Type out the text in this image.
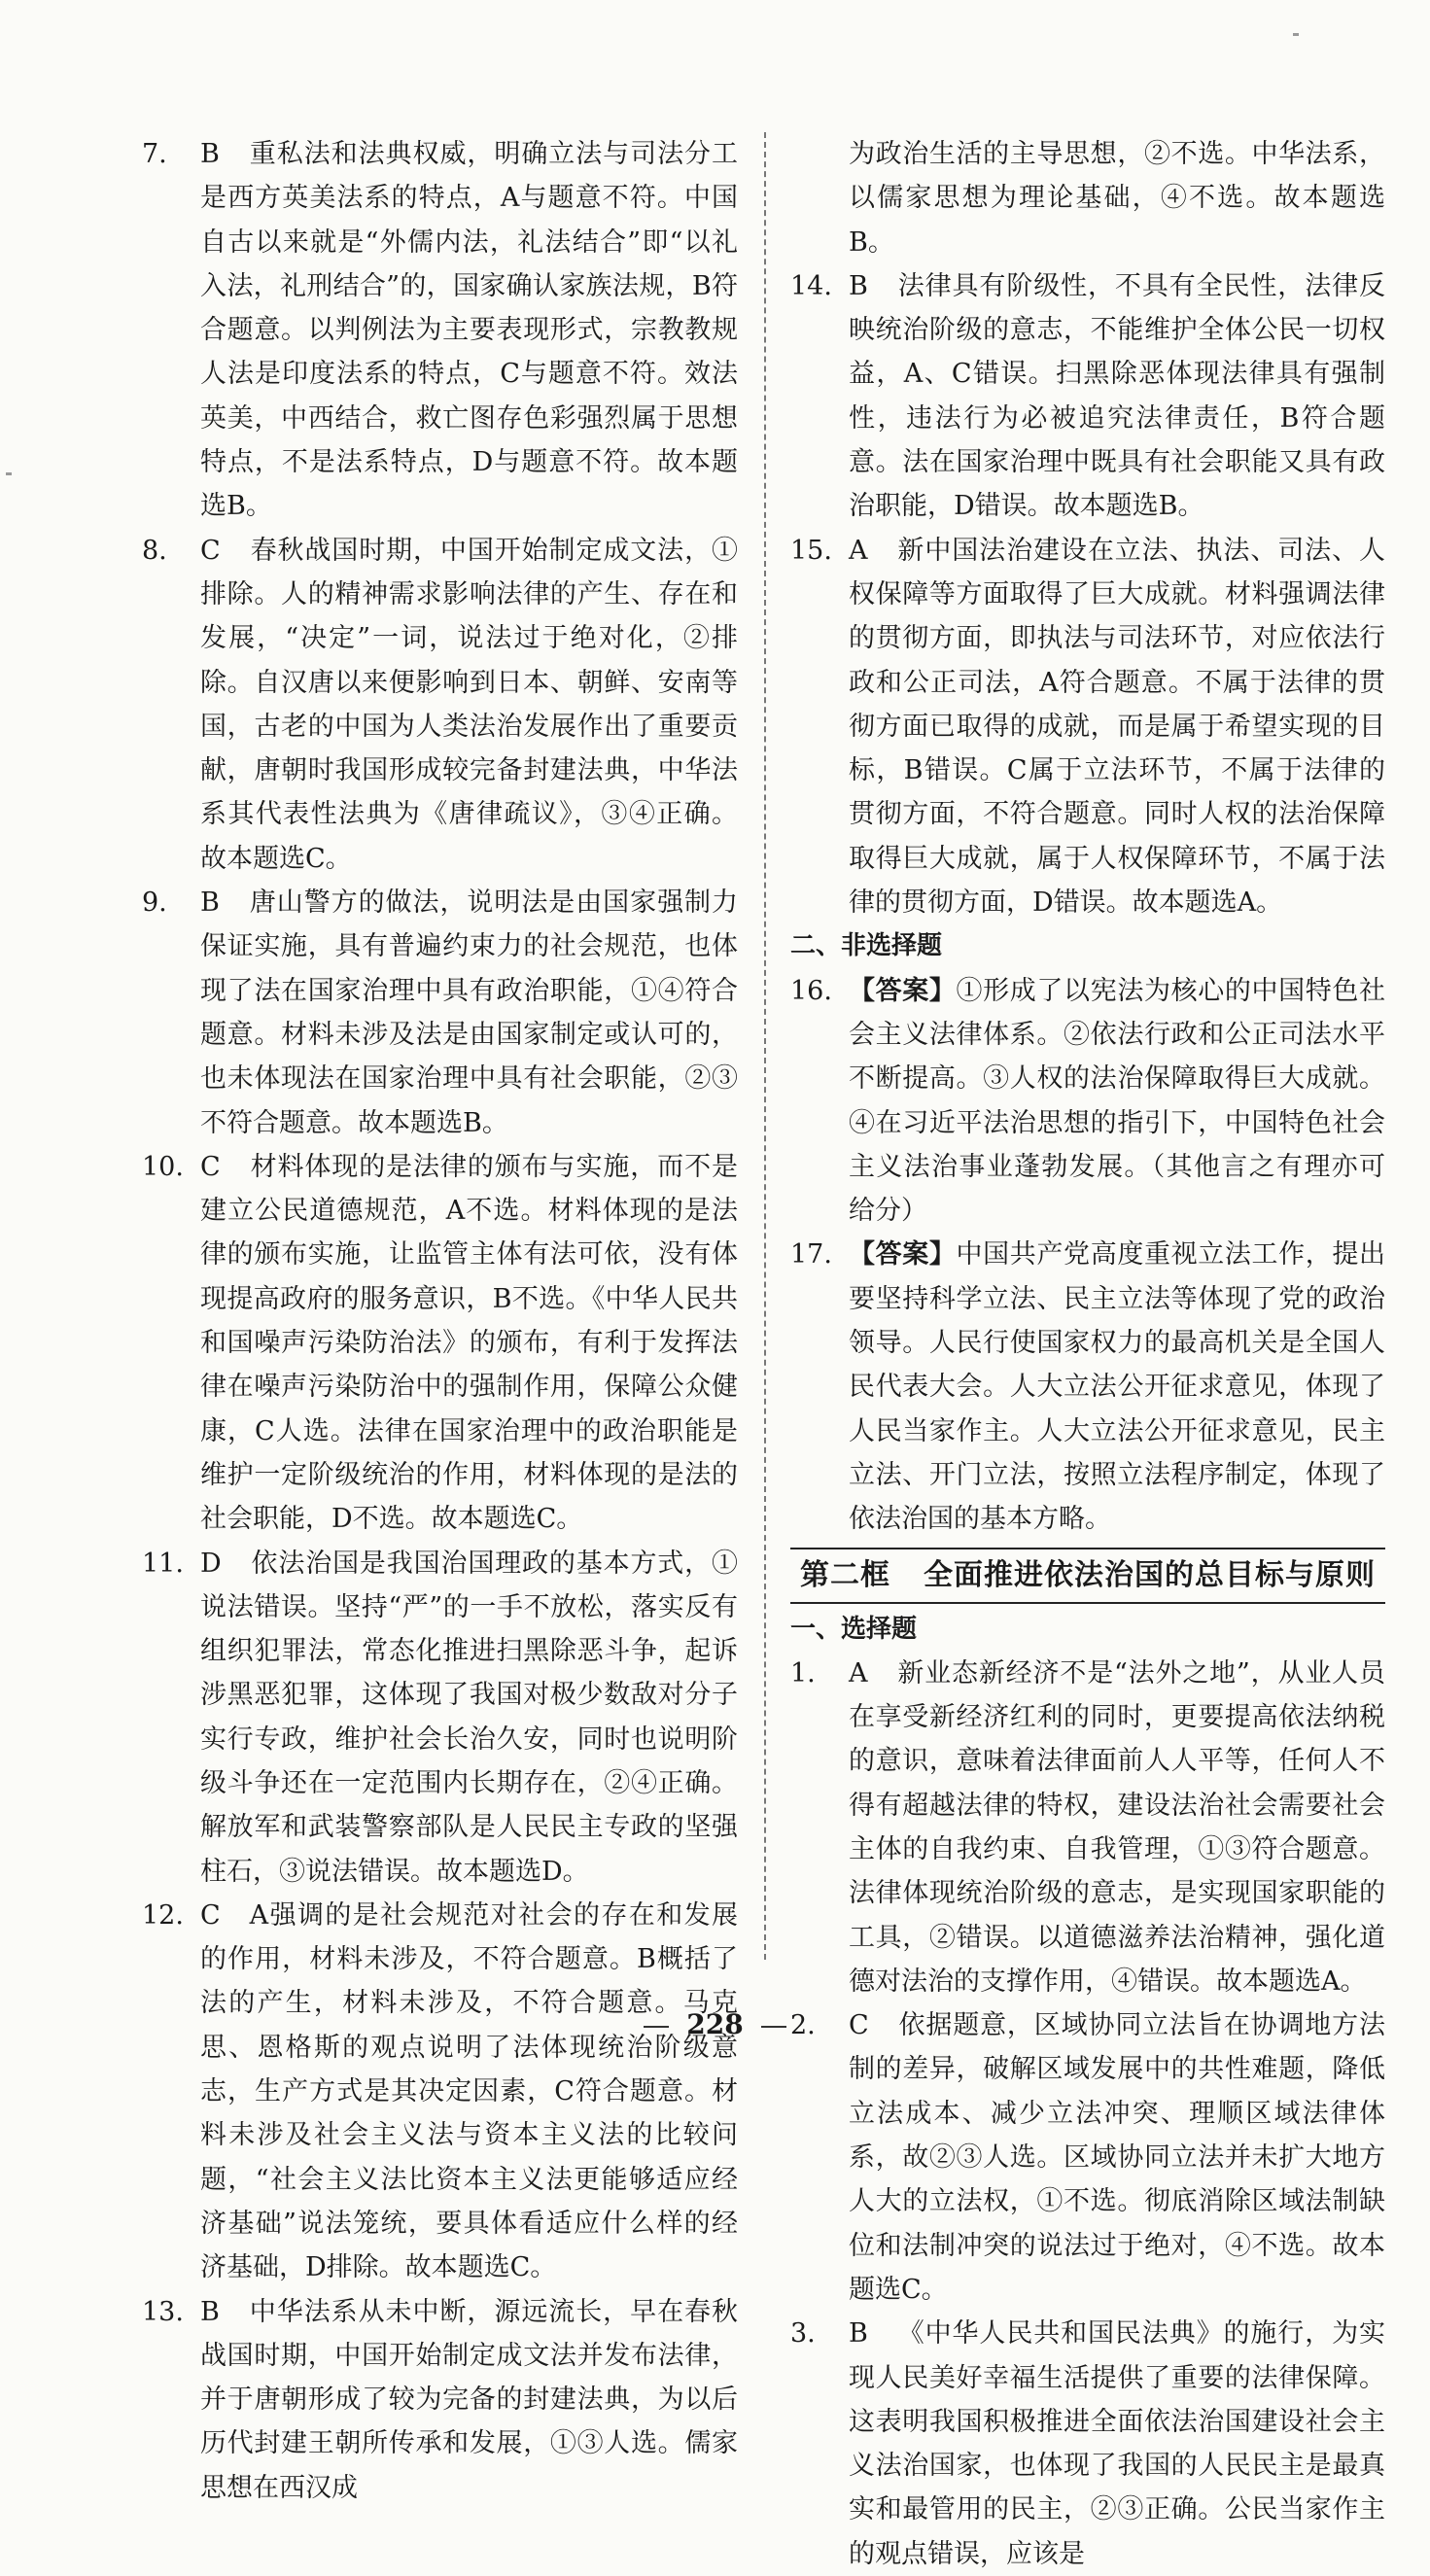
7. B 重私法和法典权威，明确立法与司法分工是西方英美法系的特点，A与题意不符。中国自古以来就是“外儒内法，礼法结合”即“以礼入法，礼刑结合”的，国家确认家族法规，B符合题意。以判例法为主要表现形式，宗教教规人法是印度法系的特点，C与题意不符。效法英美，中西结合，救亡图存色彩强烈属于思想特点，不是法系特点，D与题意不符。故本题选B。
8. C 春秋战国时期，中国开始制定成文法，①排除。人的精神需求影响法律的产生、存在和发展，“决定”一词，说法过于绝对化，②排除。自汉唐以来便影响到日本、朝鲜、安南等国，古老的中国为人类法治发展作出了重要贡献，唐朝时我国形成较完备封建法典，中华法系其代表性法典为《唐律疏议》，③④正确。故本题选C。
9. B 唐山警方的做法，说明法是由国家强制力保证实施，具有普遍约束力的社会规范，也体现了法在国家治理中具有政治职能，①④符合题意。材料未涉及法是由国家制定或认可的，也未体现法在国家治理中具有社会职能，②③不符合题意。故本题选B。
10. C 材料体现的是法律的颁布与实施，而不是建立公民道德规范，A不选。材料体现的是法律的颁布实施，让监管主体有法可依，没有体现提高政府的服务意识，B不选。《中华人民共和国噪声污染防治法》的颁布，有利于发挥法律在噪声污染防治中的强制作用，保障公众健康，C人选。法律在国家治理中的政治职能是维护一定阶级统治的作用，材料体现的是法的社会职能，D不选。故本题选C。
11. D 依法治国是我国治国理政的基本方式，①说法错误。坚持“严”的一手不放松，落实反有组织犯罪法，常态化推进扫黑除恶斗争，起诉涉黑恶犯罪，这体现了我国对极少数敌对分子实行专政，维护社会长治久安，同时也说明阶级斗争还在一定范围内长期存在，②④正确。解放军和武装警察部队是人民民主专政的坚强柱石，③说法错误。故本题选D。
12. C A强调的是社会规范对社会的存在和发展的作用，材料未涉及，不符合题意。B概括了法的产生，材料未涉及，不符合题意。马克思、恩格斯的观点说明了法体现统治阶级意志，生产方式是其决定因素，C符合题意。材料未涉及社会主义法与资本主义法的比较问题，“社会主义法比资本主义法更能够适应经济基础”说法笼统，要具体看适应什么样的经济基础，D排除。故本题选C。
13. B 中华法系从未中断，源远流长，早在春秋战国时期，中国开始制定成文法并发布法律，并于唐朝形成了较为完备的封建法典，为以后历代封建王朝所传承和发展，①③人选。儒家思想在西汉成
为政治生活的主导思想，②不选。中华法系，以儒家思想为理论基础，④不选。故本题选B。
14. B 法律具有阶级性，不具有全民性，法律反映统治阶级的意志，不能维护全体公民一切权益，A、C错误。扫黑除恶体现法律具有强制性，违法行为必被追究法律责任，B符合题意。法在国家治理中既具有社会职能又具有政治职能，D错误。故本题选B。
15. A 新中国法治建设在立法、执法、司法、人权保障等方面取得了巨大成就。材料强调法律的贯彻方面，即执法与司法环节，对应依法行政和公正司法，A符合题意。不属于法律的贯彻方面已取得的成就，而是属于希望实现的目标，B错误。C属于立法环节，不属于法律的贯彻方面，不符合题意。同时人权的法治保障取得巨大成就，属于人权保障环节，不属于法律的贯彻方面，D错误。故本题选A。

二、非选择题

16. 【答案】①形成了以宪法为核心的中国特色社会主义法律体系。②依法行政和公正司法水平不断提高。③人权的法治保障取得巨大成就。④在习近平法治思想的指引下，中国特色社会主义法治事业蓬勃发展。（其他言之有理亦可给分）
17. 【答案】中国共产党高度重视立法工作，提出要坚持科学立法、民主立法等体现了党的政治领导。人民行使国家权力的最高机关是全国人民代表大会。人大立法公开征求意见，体现了人民当家作主。人大立法公开征求意见，民主立法、开门立法，按照立法程序制定，体现了依法治国的基本方略。
第二框 全面推进依法治国的总目标与原则

一、选择题

1. A 新业态新经济不是“法外之地”，从业人员在享受新经济红利的同时，更要提高依法纳税的意识，意味着法律面前人人平等，任何人不得有超越法律的特权，建设法治社会需要社会主体的自我约束、自我管理，①③符合题意。法律体现统治阶级的意志，是实现国家职能的工具，②错误。以道德滋养法治精神，强化道德对法治的支撑作用，④错误。故本题选A。
2. C 依据题意，区域协同立法旨在协调地方法制的差异，破解区域发展中的共性难题，降低立法成本、减少立法冲突、理顺区域法律体系，故②③人选。区域协同立法并未扩大地方人大的立法权，①不选。彻底消除区域法制缺位和法制冲突的说法过于绝对，④不选。故本题选C。
3. B 《中华人民共和国民法典》的施行，为实现人民美好幸福生活提供了重要的法律保障。这表明我国积极推进全面依法治国建设社会主义法治国家，也体现了我国的人民民主是最真实和最管用的民主，②③正确。公民当家作主的观点错误，应该是
228
